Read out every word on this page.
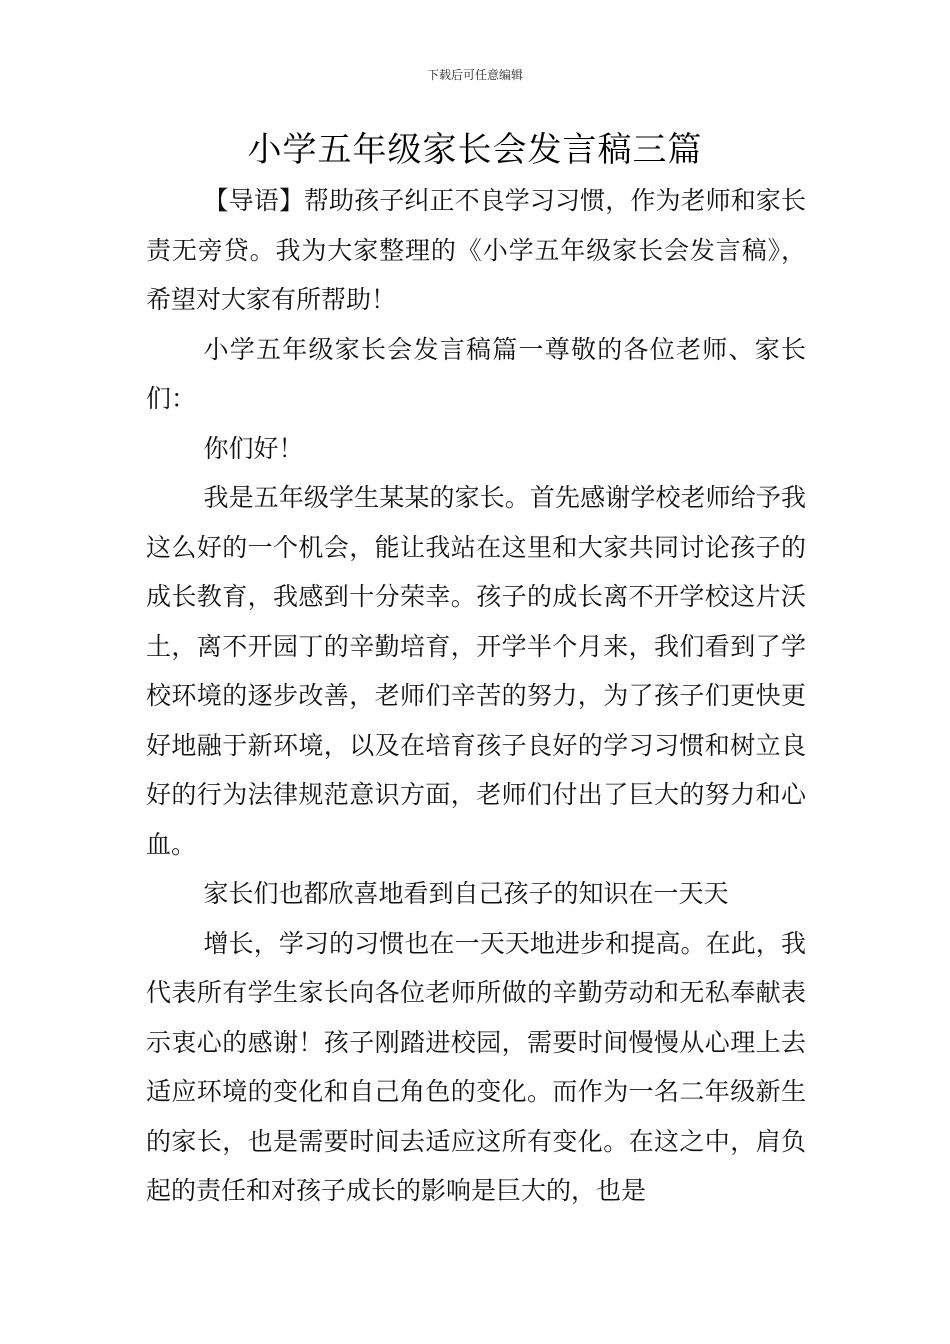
下载后可任意编辑
小学五年级家长会发言稿三篇

【导语】帮助孩子纠正不良学习习惯，作为老师和家长责无旁贷。我为大家整理的《小学五年级家长会发言稿》，希望对大家有所帮助！

小学五年级家长会发言稿篇一尊敬的各位老师、家长们：

你们好！

我是五年级学生某某的家长。首先感谢学校老师给予我这么好的一个机会，能让我站在这里和大家共同讨论孩子的成长教育，我感到十分荣幸。孩子的成长离不开学校这片沃土，离不开园丁的辛勤培育，开学半个月来，我们看到了学校环境的逐步改善，老师们辛苦的努力，为了孩子们更快更好地融于新环境，以及在培育孩子良好的学习习惯和树立良好的行为法律规范意识方面，老师们付出了巨大的努力和心血。

家长们也都欣喜地看到自己孩子的知识在一天天

增长，学习的习惯也在一天天地进步和提高。在此，我代表所有学生家长向各位老师所做的辛勤劳动和无私奉献表示衷心的感谢！孩子刚踏进校园，需要时间慢慢从心理上去适应环境的变化和自己角色的变化。而作为一名二年级新生的家长，也是需要时间去适应这所有变化。在这之中，肩负起的责任和对孩子成长的影响是巨大的，也是
